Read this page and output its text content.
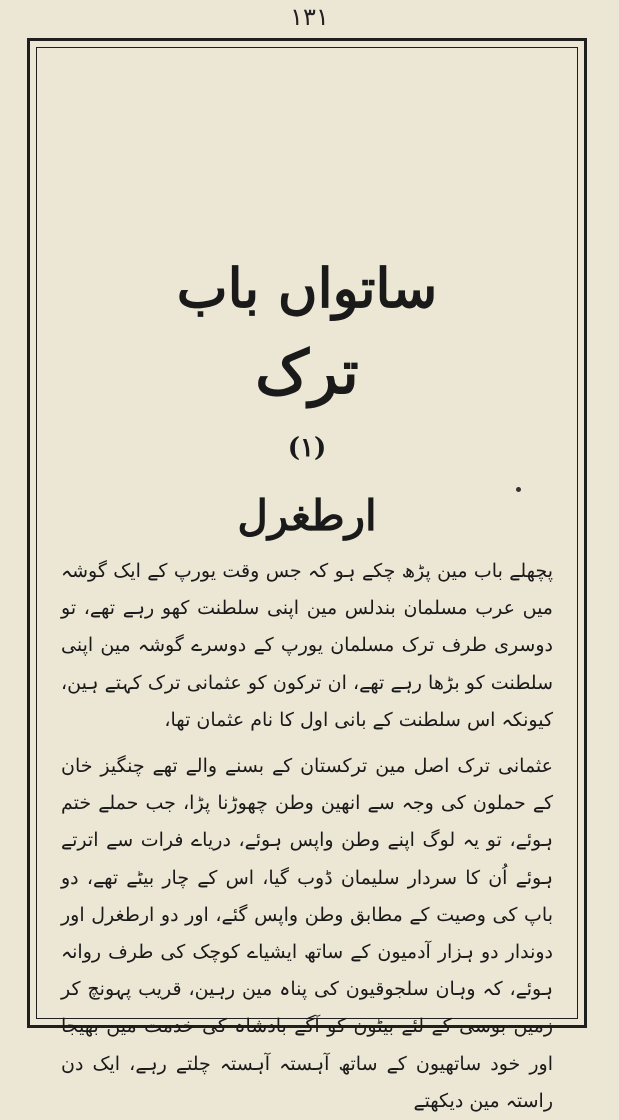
۱۳۱
ساتواں باب
ترک
(۱)
ارطغرل

پچھلے باب مین پڑھ چکے ہو کہ جس وقت یورپ کے ایک گوشہ میں عرب مسلمان بندلس مین اپنی سلطنت کھو رہے تھے، تو دوسری طرف ترک مسلمان یورپ کے دوسرے گوشہ مین اپنی سلطنت کو بڑھا رہے تھے، ان ترکون کو عثمانی ترک کہتے ہین، کیونکہ اس سلطنت کے بانی اول کا نام عثمان تھا،

عثمانی ترک اصل مین ترکستان کے بسنے والے تھے چنگیز خان کے حملون کی وجہ سے انھین وطن چھوڑنا پڑا، جب حملے ختم ہوئے، تو یہ لوگ اپنے وطن واپس ہوئے، دریاے فرات سے اترتے ہوئے اُن کا سردار سلیمان ڈوب گیا، اس کے چار بیٹے تھے، دو باپ کی وصیت کے مطابق وطن واپس گئے، اور دو ارطغرل اور دوندار دو ہزار آدمیون کے ساتھ ایشیاے کوچک کی طرف روانہ ہوئے، کہ وہان سلجوقیون کی پناہ مین رہین، قریب پہونچ کر زمین بوسی کے لئے بیٹون کو آگے بادشاہ کی خدمت مین بھیجا اور خود ساتھیون کے ساتھ آہستہ آہستہ چلتے رہے، ایک دن راستہ مین دیکھتے
